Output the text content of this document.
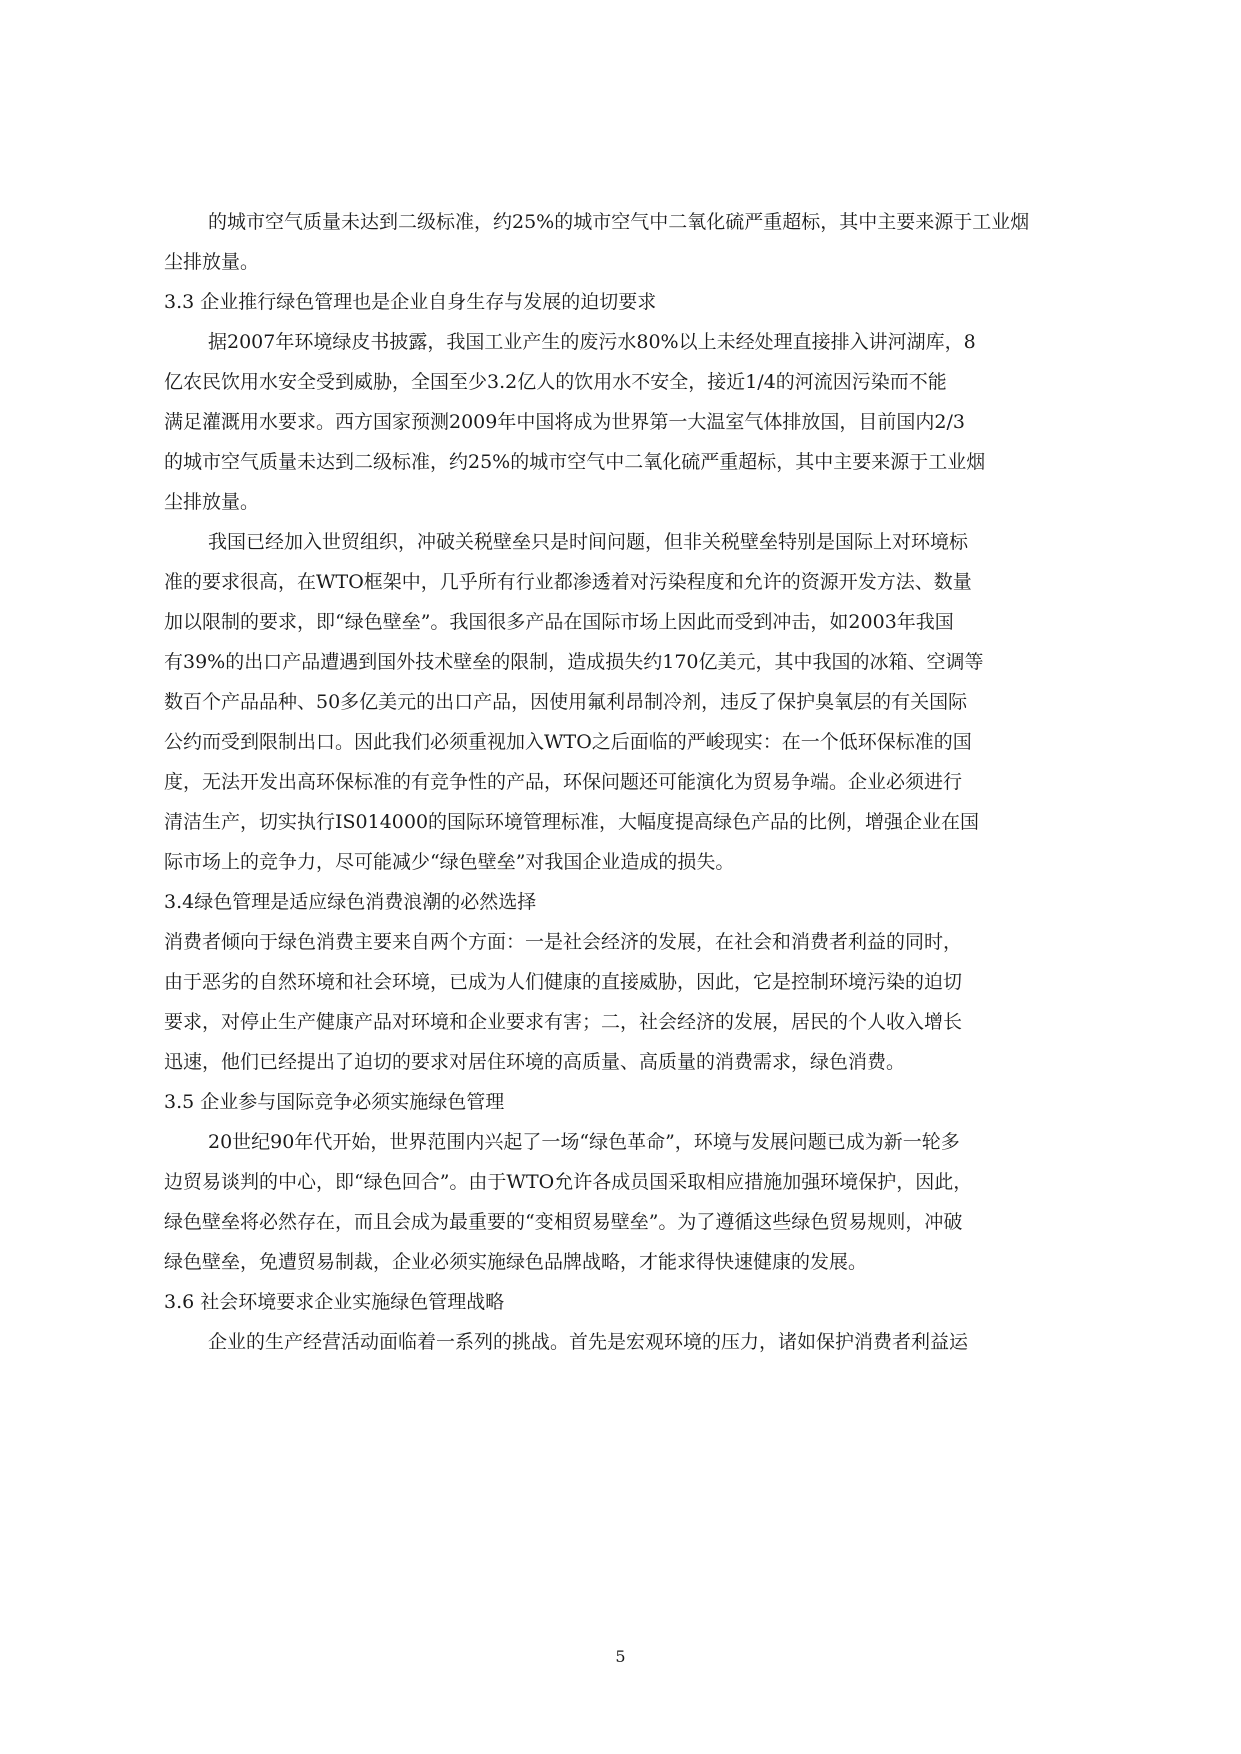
的城市空气质量未达到二级标准，约25%的城市空气中二氧化硫严重超标，其中主要来源于工业烟
尘排放量。
3.3 企业推行绿色管理也是企业自身生存与发展的迫切要求
据2007年环境绿皮书披露，我国工业产生的废污水80%以上未经处理直接排入讲河湖库，8
亿农民饮用水安全受到威胁，全国至少3.2亿人的饮用水不安全，接近1/4的河流因污染而不能
满足灌溉用水要求。西方国家预测2009年中国将成为世界第一大温室气体排放国，目前国内2/3
的城市空气质量未达到二级标准，约25%的城市空气中二氧化硫严重超标，其中主要来源于工业烟
尘排放量。
我国已经加入世贸组织，冲破关税壁垒只是时间问题，但非关税壁垒特别是国际上对环境标
准的要求很高，在WTO框架中，几乎所有行业都渗透着对污染程度和允许的资源开发方法、数量
加以限制的要求，即“绿色壁垒”。我国很多产品在国际市场上因此而受到冲击，如2003年我国
有39%的出口产品遭遇到国外技术壁垒的限制，造成损失约170亿美元，其中我国的冰箱、空调等
数百个产品品种、50多亿美元的出口产品，因使用氟利昂制冷剂，违反了保护臭氧层的有关国际
公约而受到限制出口。因此我们必须重视加入WTO之后面临的严峻现实：在一个低环保标准的国
度，无法开发出高环保标准的有竞争性的产品，环保问题还可能演化为贸易争端。企业必须进行
清洁生产，切实执行IS014000的国际环境管理标准，大幅度提高绿色产品的比例，增强企业在国
际市场上的竞争力，尽可能减少“绿色壁垒”对我国企业造成的损失。
3.4绿色管理是适应绿色消费浪潮的必然选择
消费者倾向于绿色消费主要来自两个方面：一是社会经济的发展，在社会和消费者利益的同时，
由于恶劣的自然环境和社会环境，已成为人们健康的直接威胁，因此，它是控制环境污染的迫切
要求，对停止生产健康产品对环境和企业要求有害；二，社会经济的发展，居民的个人收入增长
迅速，他们已经提出了迫切的要求对居住环境的高质量、高质量的消费需求，绿色消费。
3.5 企业参与国际竞争必须实施绿色管理
20世纪90年代开始，世界范围内兴起了一场“绿色革命”，环境与发展问题已成为新一轮多
边贸易谈判的中心，即“绿色回合”。由于WTO允许各成员国采取相应措施加强环境保护，因此，
绿色壁垒将必然存在，而且会成为最重要的“变相贸易壁垒”。为了遵循这些绿色贸易规则，冲破
绿色壁垒，免遭贸易制裁，企业必须实施绿色品牌战略，才能求得快速健康的发展。
3.6 社会环境要求企业实施绿色管理战略
企业的生产经营活动面临着一系列的挑战。首先是宏观环境的压力，诸如保护消费者利益运
5
